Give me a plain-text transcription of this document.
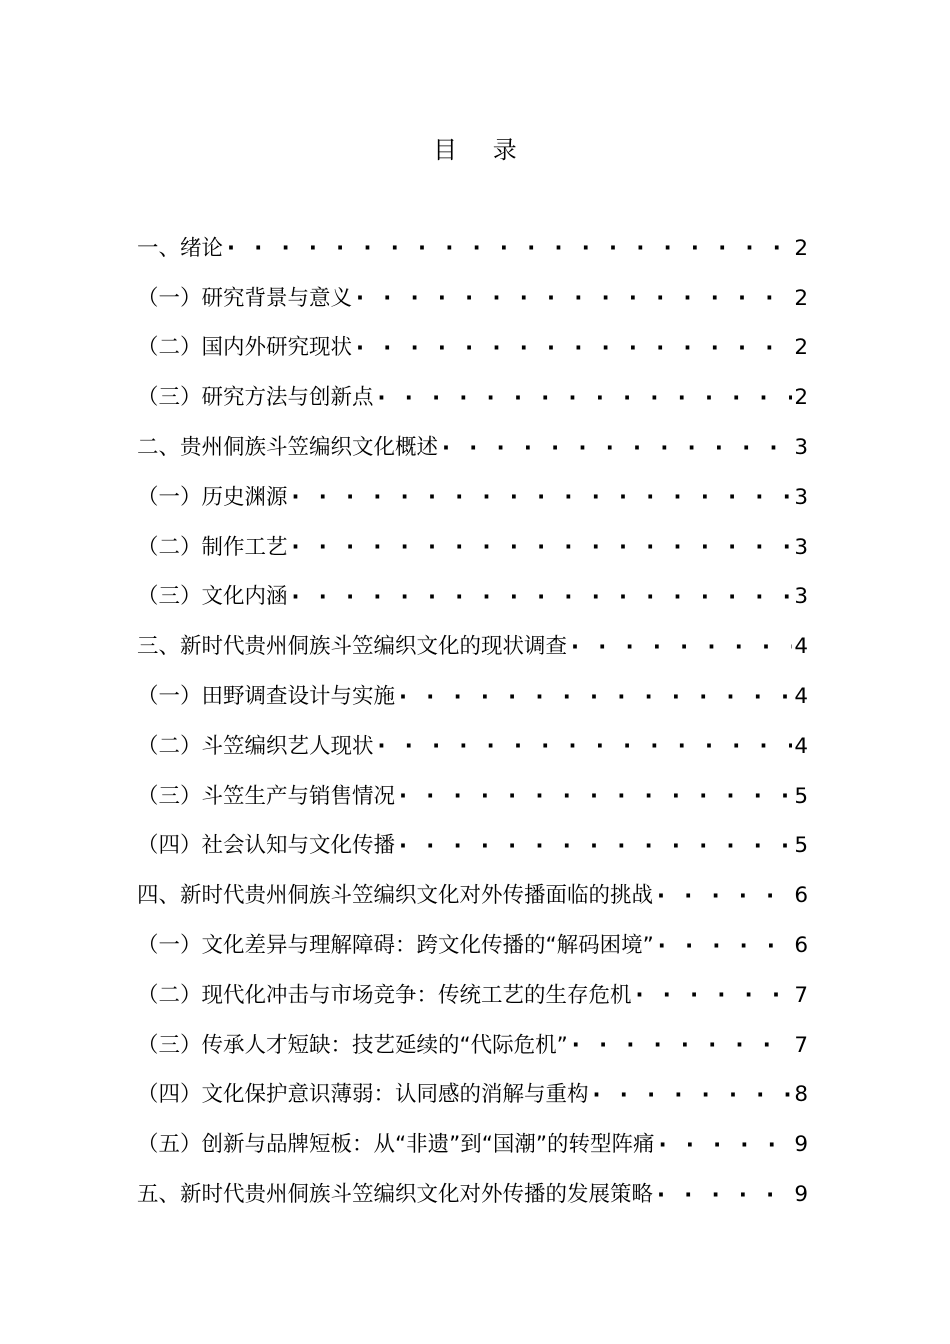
目 录
一、绪论 · · ·	2
（一）研究背景与意义 · · ·	2
（二）国内外研究现状 · · ·	2
（三）研究方法与创新点 · · ·	2
二、贵州侗族斗笠编织文化概述 · · ·	3
（一）历史渊源 · · ·	3
（二）制作工艺 · · ·	3
（三）文化内涵 · · ·	3
三、新时代贵州侗族斗笠编织文化的现状调查 · · ·	4
（一）田野调查设计与实施 · · ·	4
（二）斗笠编织艺人现状 · · ·	4
（三）斗笠生产与销售情况 · · ·	5
（四）社会认知与文化传播 · · ·	5
四、新时代贵州侗族斗笠编织文化对外传播面临的挑战 · · ·	6
（一）文化差异与理解障碍：跨文化传播的“解码困境” · · ·	6
（二）现代化冲击与市场竞争：传统工艺的生存危机 · · ·	7
（三）传承人才短缺：技艺延续的“代际危机” · · ·	7
（四）文化保护意识薄弱：认同感的消解与重构 · · ·	8
（五）创新与品牌短板：从“非遗”到“国潮”的转型阵痛 · · ·	9
五、新时代贵州侗族斗笠编织文化对外传播的发展策略 · · ·	9
